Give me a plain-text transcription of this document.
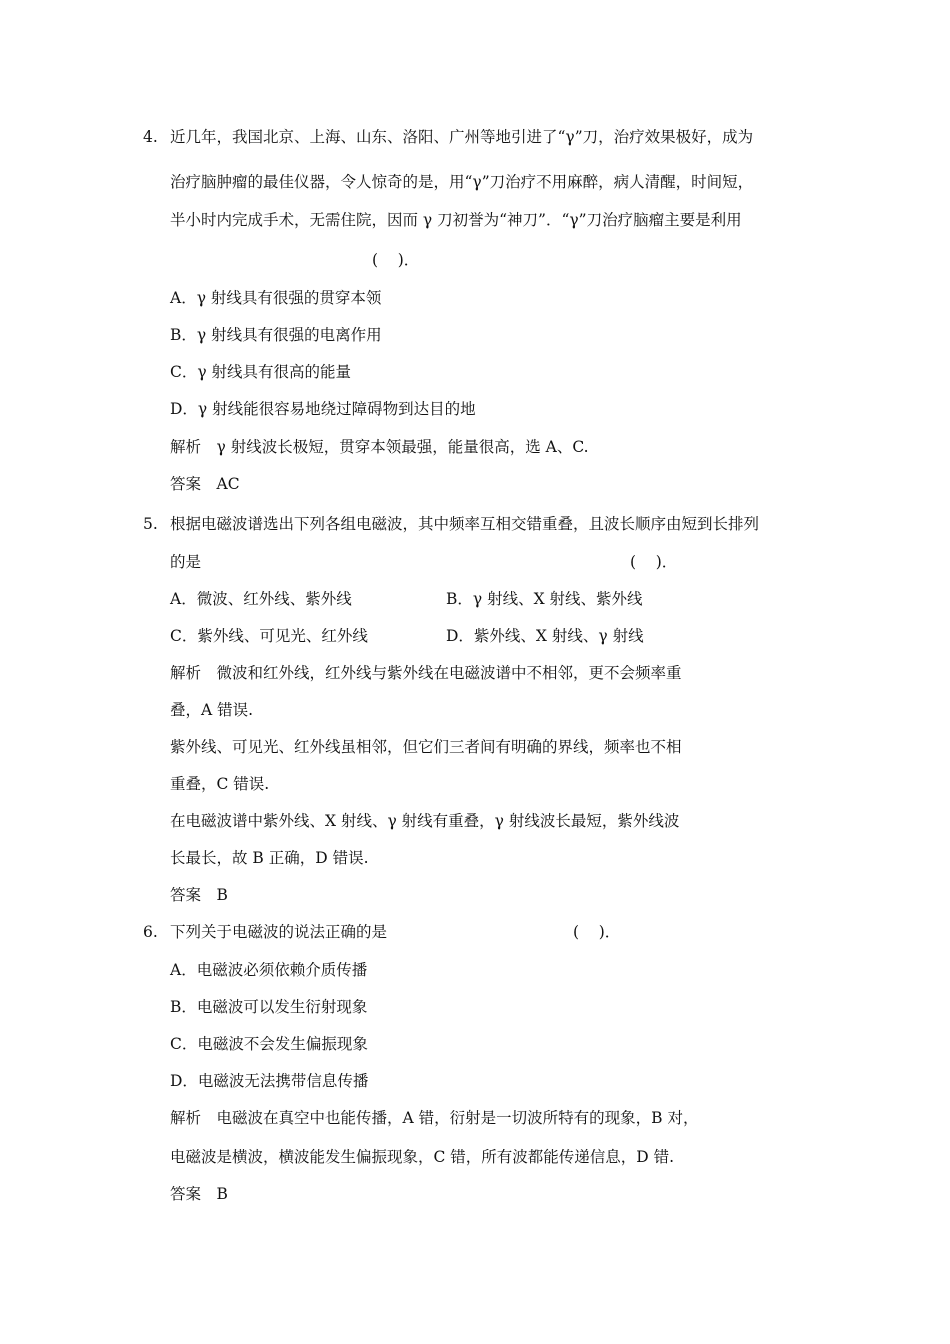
4. 近几年，我国北京、上海、山东、洛阳、广州等地引进了“γ”刀，治疗效果极好，成为
治疗脑肿瘤的最佳仪器，令人惊奇的是，用“γ”刀治疗不用麻醉，病人清醒，时间短，
半小时内完成手术，无需住院，因而 γ 刀初誉为“神刀”．“γ”刀治疗脑瘤主要是利用
(    )．
A．γ 射线具有很强的贯穿本领
B．γ 射线具有很强的电离作用
C．γ 射线具有很高的能量
D．γ 射线能很容易地绕过障碍物到达目的地
解析　γ 射线波长极短，贯穿本领最强，能量很高，选 A、C.
答案　AC
5. 根据电磁波谱选出下列各组电磁波，其中频率互相交错重叠，且波长顺序由短到长排列
的是	(    )．
A．微波、红外线、紫外线	B．γ 射线、X 射线、紫外线
C．紫外线、可见光、红外线	D．紫外线、X 射线、γ 射线
解析　微波和红外线，红外线与紫外线在电磁波谱中不相邻，更不会频率重
叠，A 错误.
紫外线、可见光、红外线虽相邻，但它们三者间有明确的界线，频率也不相
重叠，C 错误.
在电磁波谱中紫外线、X 射线、γ 射线有重叠，γ 射线波长最短，紫外线波
长最长，故 B 正确，D 错误.
答案　B
6. 下列关于电磁波的说法正确的是	(    )．
A．电磁波必须依赖介质传播
B．电磁波可以发生衍射现象
C．电磁波不会发生偏振现象
D．电磁波无法携带信息传播
解析　电磁波在真空中也能传播，A 错，衍射是一切波所特有的现象，B 对，
电磁波是横波，横波能发生偏振现象，C 错，所有波都能传递信息，D 错.
答案　B
